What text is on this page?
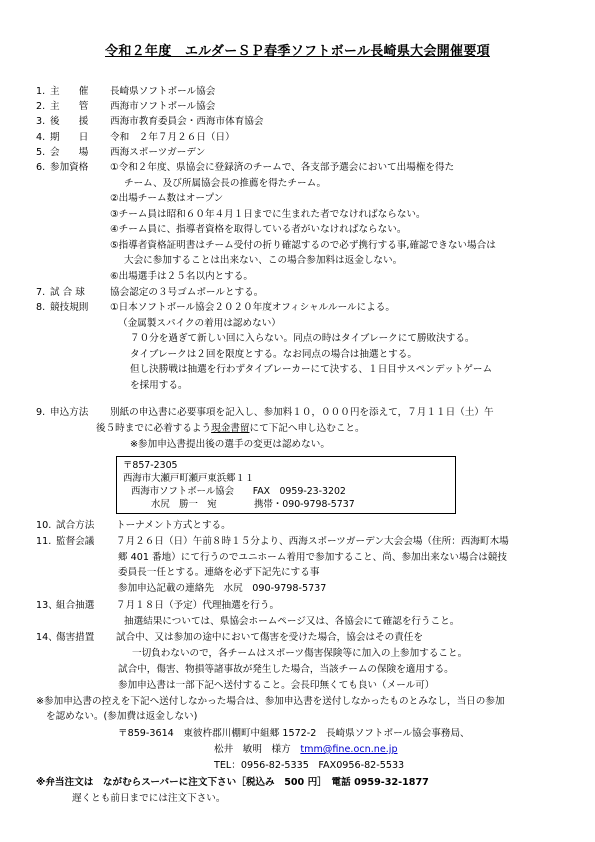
令和２年度　エルダーＳＰ春季ソフトボール長崎県大会開催要項
1. 主　　催 長崎県ソフトボール協会
2. 主　　管 西海市ソフトボール協会
3. 後　　援 西海市教育委員会・西海市体育協会
4. 期　　日 令和　２年７月２６日（日）
5. 会　　場 西海スポーツガーデン
6. 参加資格 ①令和２年度、県協会に登録済のチームで、各支部予選会において出場権を得た
チーム、及び所属協会長の推薦を得たチーム。
②出場チーム数はオープン
③チーム員は昭和６０年４月１日までに生まれた者でなければならない。
④チーム員に、指導者資格を取得している者がいなければならない。
⑤指導者資格証明書はチーム受付の折り確認するので必ず携行する事,確認できない場合は
大会に参加することは出来ない、この場合参加料は返金しない。
⑥出場選手は２５名以内とする。
7. 試 合 球	協会認定の３号ゴムボールとする。
8. 競技規則 ①日本ソフトボール協会２０２０年度オフィシャルルールによる。
（金属製スパイクの着用は認めない）
７０分を過ぎて新しい回に入らない。同点の時はタイブレークにて勝敗決する。
タイブレークは２回を限度とする。なお同点の場合は抽選とする。
但し決勝戦は抽選を行わずタイブレーカーにて決する、１日目サスペンデットゲーム
を採用する。
9. 申込方法 別紙の申込書に必要事項を記入し、参加料１０，０００円を添えて，７月１１日（土）午
後５時までに必着するよう現金書留にて下記へ申し込むこと。
※参加申込書提出後の選手の変更は認めない。
〒857-2305
西海市大瀬戸町瀬戸東浜郷１１
西海市ソフトボール協会　　 FAX　0959-23-3202
水尻　勝一　宛　　　　	携帯・090-9798-5737
10. 試合方法 トーナメント方式とする。
11. 監督会議 ７月２６日（日）午前８時１５分より、西海スポーツガーデン大会会場（住所：西海町木場
郷 401 番地）にて行うのでユニホーム着用で参加すること、尚、参加出来ない場合は競技
委員長一任とする。連絡を必ず下記先にする事
参加申込記載の連絡先　水尻　090-9798-5737
13、組合抽選 ７月１８日（予定）代理抽選を行う。
抽選結果については、県協会ホームページ又は、各協会にて確認を行うこと。
14、傷害措置 試合中、又は参加の途中において傷害を受けた場合，協会はその責任を
一切負わないので，各チームはスポーツ傷害保険等に加入の上参加すること。
試合中，傷害、物損等諸事故が発生した場合，当該チームの保険を適用する。
参加申込書は一部下記へ送付すること。会長印無くても良い（メール可）
※参加申込書の控えを下記へ送付しなかった場合は、参加申込書を送付しなかったものとみなし，当日の参加
を認めない。(参加費は返金しない)
〒859-3614　東彼杵郡川棚町中組郷 1572-2　長崎県ソフトボール協会事務局、
松井　敏明　様方　 tmm@fine.ocn.ne.jp
TEL：0956-82-5335　FAX0956-82-5533
※弁当注文は　ながむらスーパーに注文下さい［税込み　500 円］　電話 0959-32-1877
遅くとも前日までには注文下さい。
